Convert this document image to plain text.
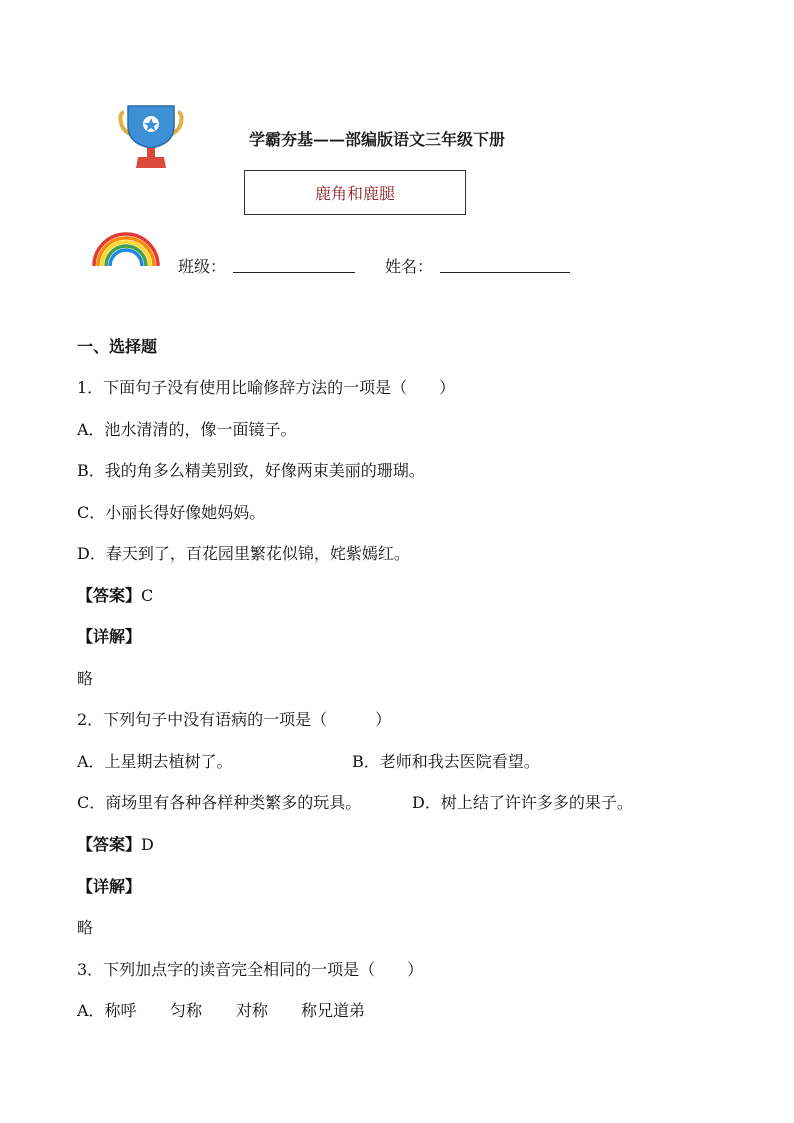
学霸夯基——部编版语文三年级下册
鹿角和鹿腿
班级：	姓名：
一、选择题
1．下面句子没有使用比喻修辞方法的一项是（　　）
A．池水清清的，像一面镜子。
B．我的角多么精美别致，好像两束美丽的珊瑚。
C．小丽长得好像她妈妈。
D．春天到了，百花园里繁花似锦，姹紫嫣红。
【答案】C
【详解】
略
2．下列句子中没有语病的一项是（　　　）
A．上星期去植树了。	B．老师和我去医院看望。
C．商场里有各种各样种类繁多的玩具。	D．树上结了许许多多的果子。
【答案】D
【详解】
略
3．下列加点字的读音完全相同的一项是（　　）
A．称呼 匀称 对称 称兄道弟
